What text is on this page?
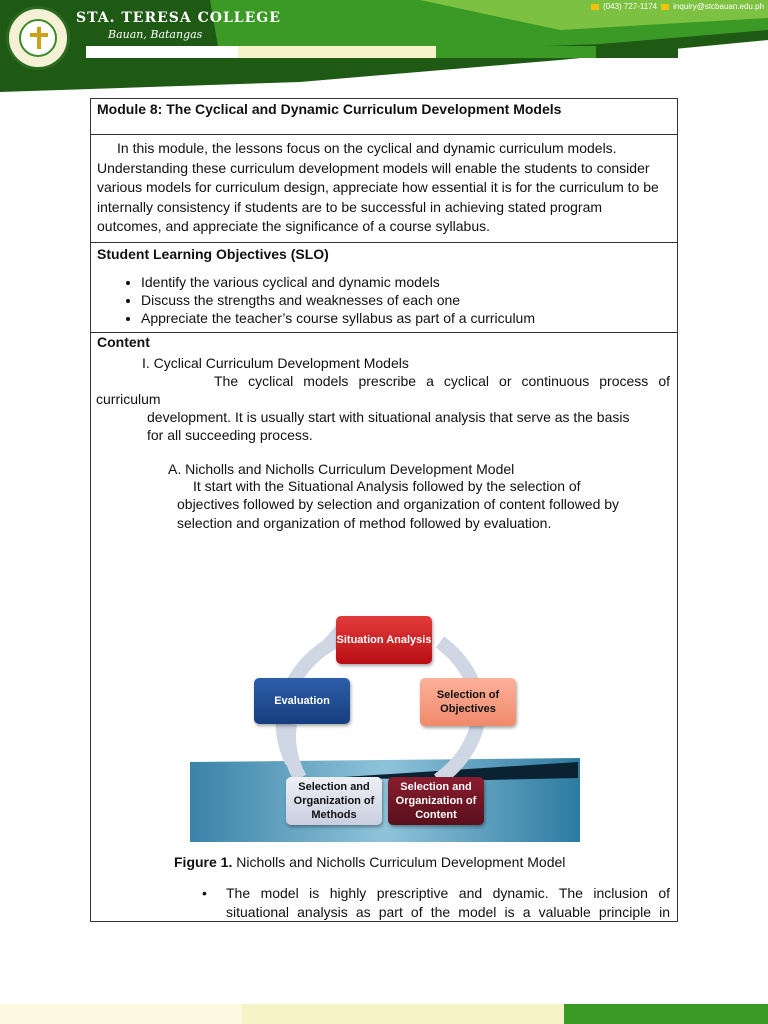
STA. TERESA COLLEGE
Bauan, Batangas
(043) 727-1174 inquiry@stcbauan.edu.ph
Module 8: The Cyclical and Dynamic Curriculum Development Models

In this module, the lessons focus on the cyclical and dynamic curriculum models. Understanding these curriculum development models will enable the students to consider various models for curriculum design, appreciate how essential it is for the curriculum to be internally consistency if students are to be successful in achieving stated program outcomes, and appreciate the significance of a course syllabus.

Student Learning Objectives (SLO)
• Identify the various cyclical and dynamic models
• Discuss the strengths and weaknesses of each one
• Appreciate the teacher’s course syllabus as part of a curriculum
Content
I. Cyclical Curriculum Development Models
The cyclical models prescribe a cyclical or continuous process of
curriculum
development. It is usually start with situational analysis that serve as the basis
for all succeeding process.
A. Nicholls and Nicholls Curriculum Development Model
It start with the Situational Analysis followed by the selection of
objectives followed by selection and organization of content followed by
selection and organization of method followed by evaluation.
Situation Analysis
Selection of Objectives
Selection and Organization of Content
Selection and Organization of Methods
Evaluation
Figure 1. Nicholls and Nicholls Curriculum Development Model
• The model is highly prescriptive and dynamic. The inclusion of
situational analysis as part of the model is a valuable principle in
